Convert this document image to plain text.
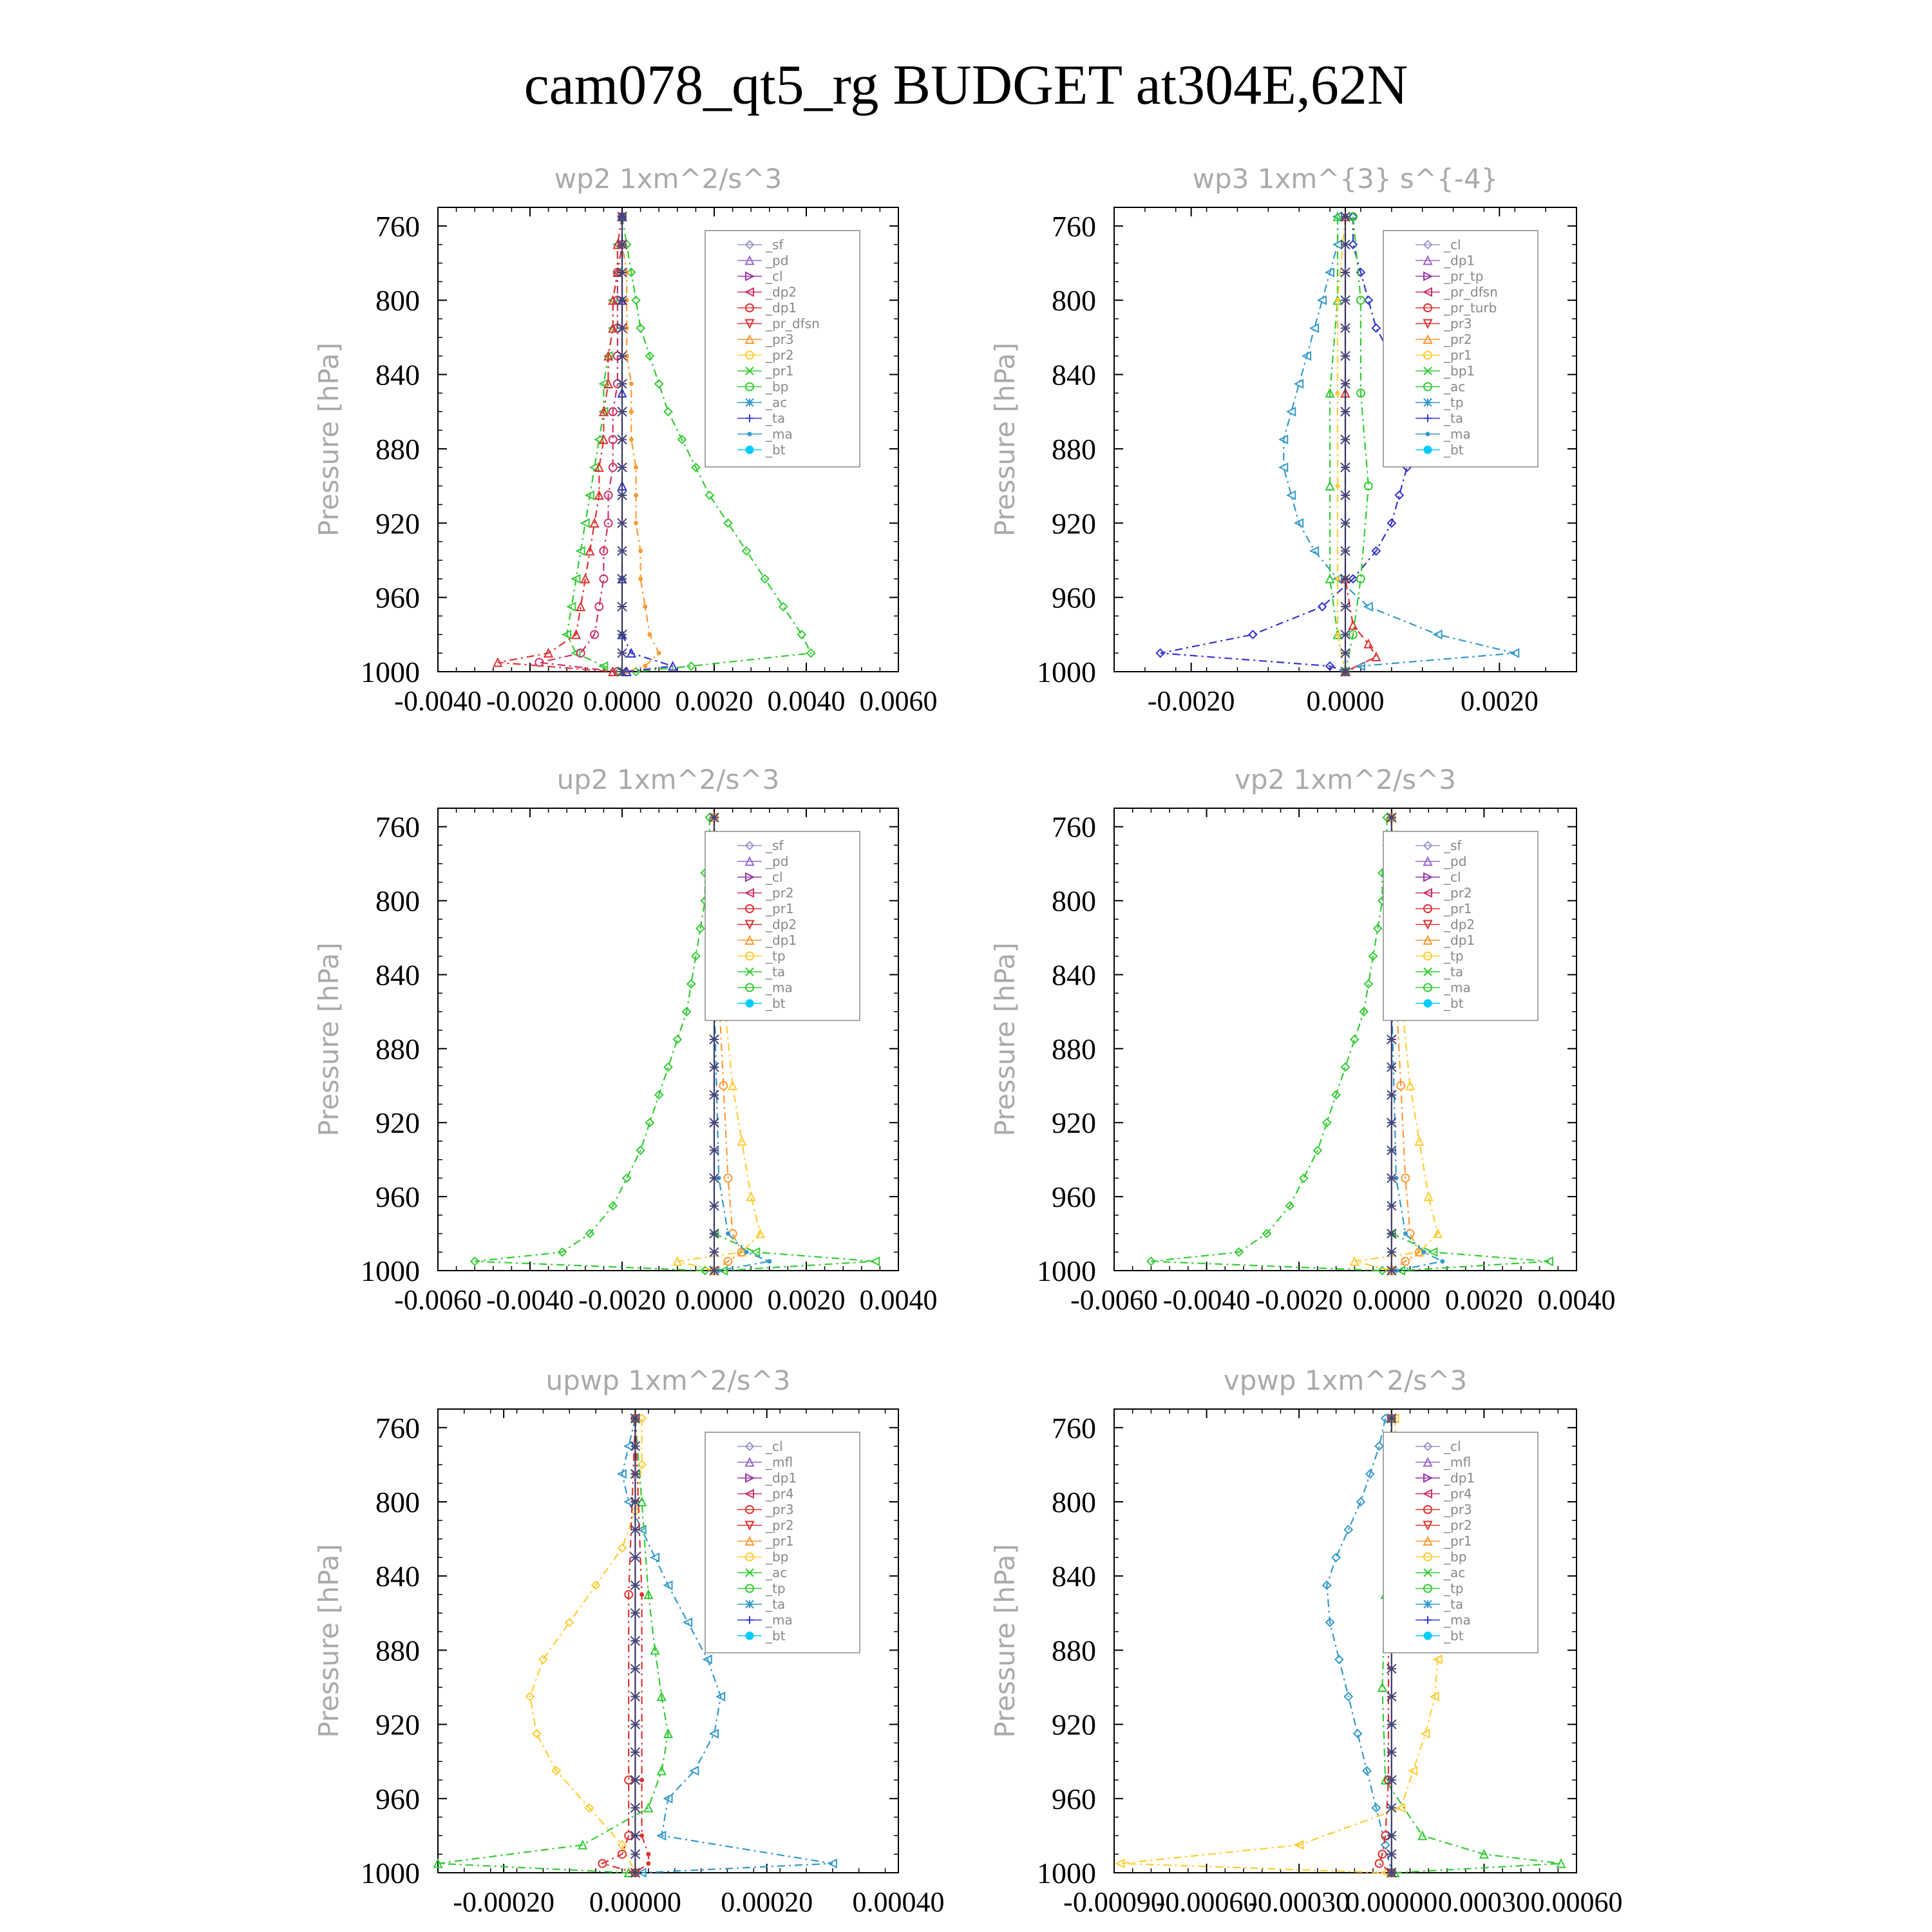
cam078_qt5_rg BUDGET at304E,62N
wp2 1xm^2/s^3
760
800
840
880
920
960
1000
Pressure [hPa]
-0.0040 -0.0020 0.0000 0.0020 0.0040 0.0060
_sf
_pd
_cl
_dp2
_dp1
_pr_dfsn
_pr3
_pr2
_pr1
_bp
_ac
_ta
_ma
_bt
wp3 1xm^{3} s^{-4}
760
800
840
880
920
960
1000
Pressure [hPa]
-0.0020	0.0000	0.0020
_cl
_dp1
_pr_tp
_pr_dfsn
_pr_turb
_pr3
_pr2
_pr1
_bp1
_ac
_tp
_ta
_ma
_bt
up2 1xm^2/s^3
760
800
840
880
920
960
1000
Pressure [hPa]
-0.0060 -0.0040 -0.0020 0.0000 0.0020 0.0040
_sf
_pd
_cl
_pr2
_pr1
_dp2
_dp1
_tp
_ta
_ma
_bt
vp2 1xm^2/s^3
760
800
840
880
920
960
1000
Pressure [hPa]
-0.0060 -0.0040 -0.0020 0.0000 0.0020 0.0040
_sf
_pd
_cl
_pr2
_pr1
_dp2
_dp1
_tp
_ta
_ma
_bt
upwp 1xm^2/s^3
760
800
840
880
920
960
1000
Pressure [hPa]
-0.00020 0.00000 0.00020 0.00040
_cl
_mfl
_dp1
_pr4
_pr3
_pr2
_pr1
_bp
_ac
_tp
_ta
_ma
_bt
vpwp 1xm^2/s^3
760
800
840
880
920
960
1000
Pressure [hPa]
-0.00090
-0.00060
-0.00030
0.00000 0.00030 0.00060
_cl
_mfl
_dp1
_pr4
_pr3
_pr2
_pr1
_bp
_ac
_tp
_ta
_ma
_bt
